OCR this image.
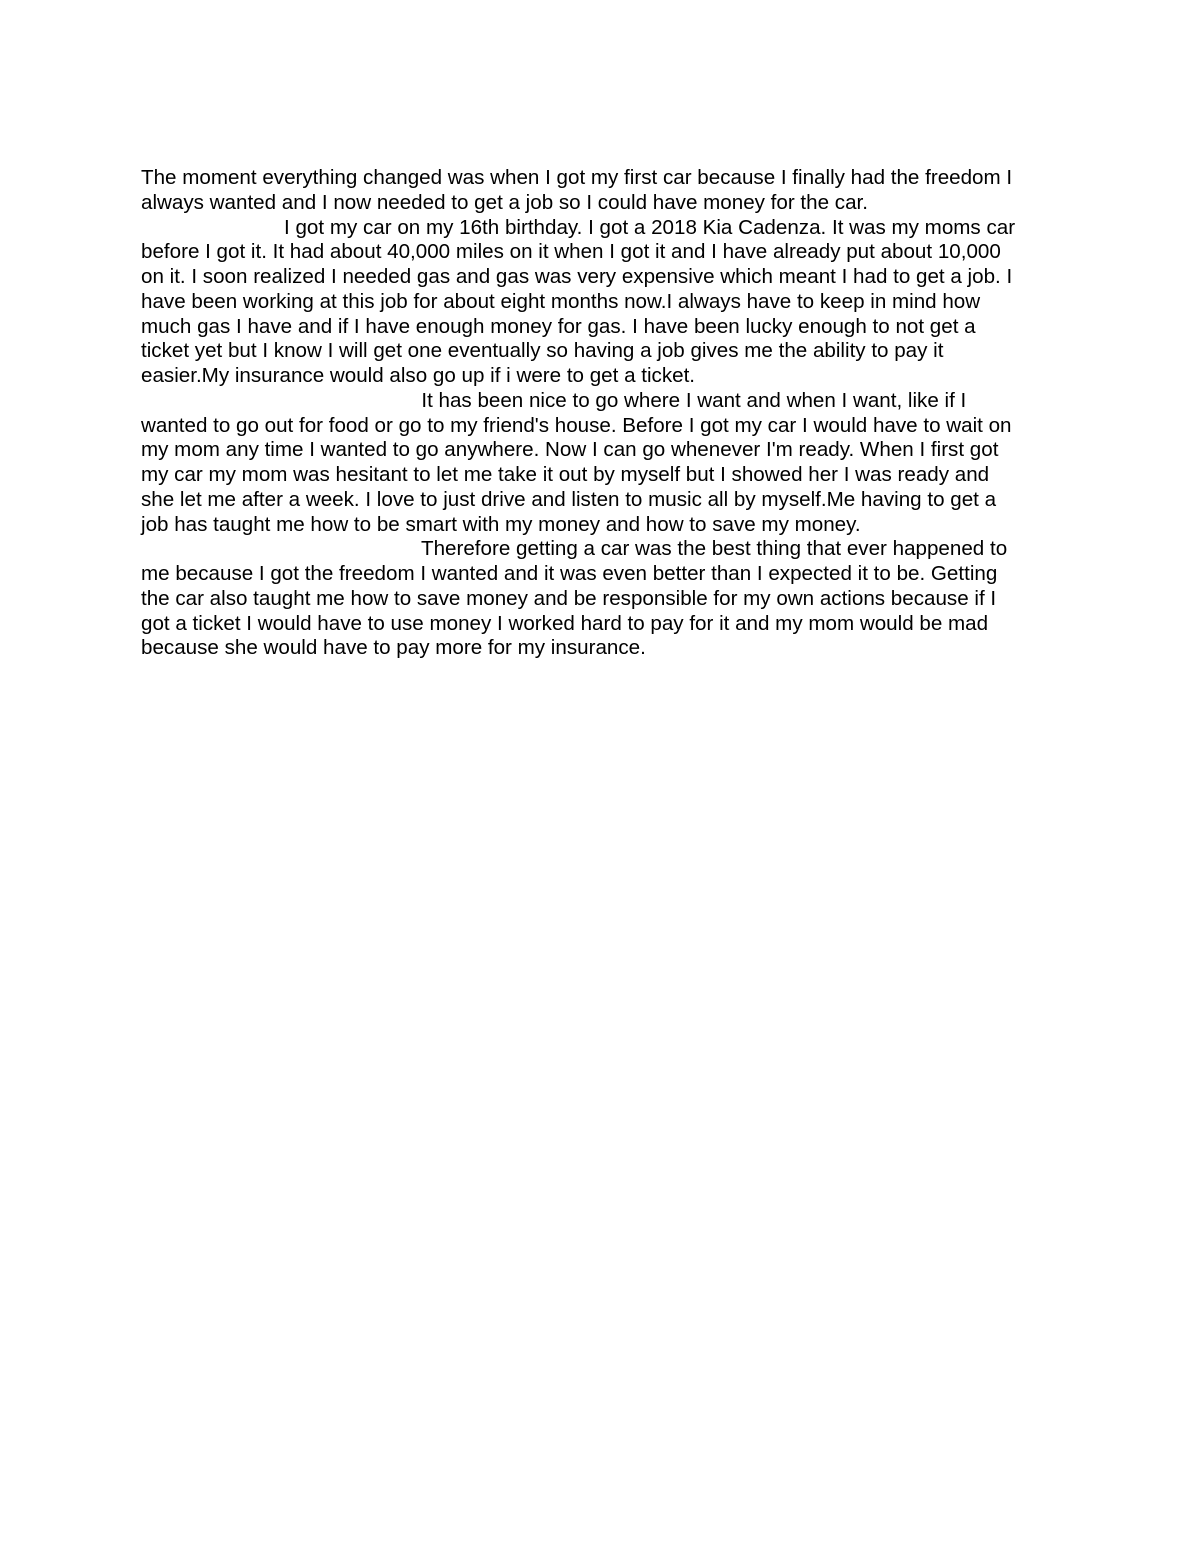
The moment everything changed was when I got my first car because I finally had the freedom I
always wanted and I now needed to get a job so I could have money for the car.
I got my car on my 16th birthday. I got a 2018 Kia Cadenza. It was my moms car
before I got it. It had about 40,000 miles on it when I got it and I have already put about 10,000
on it. I soon realized I needed gas and gas was very expensive which meant I had to get a job. I
have been working at this job for about eight months now.I always have to keep in mind how
much gas I have and if I have enough money for gas. I have been lucky enough to not get a
ticket yet but I know I will get one eventually so having a job gives me the ability to pay it
easier.My insurance would also go up if i were to get a ticket.
It has been nice to go where I want and when I want, like if I
wanted to go out for food or go to my friend's house. Before I got my car I would have to wait on
my mom any time I wanted to go anywhere. Now I can go whenever I'm ready. When I first got
my car my mom was hesitant to let me take it out by myself but I showed her I was ready and
she let me after a week. I love to just drive and listen to music all by myself.Me having to get a
job has taught me how to be smart with my money and how to save my money.
Therefore getting a car was the best thing that ever happened to
me because I got the freedom I wanted and it was even better than I expected it to be. Getting
the car also taught me how to save money and be responsible for my own actions because if I
got a ticket I would have to use money I worked hard to pay for it and my mom would be mad
because she would have to pay more for my insurance.
